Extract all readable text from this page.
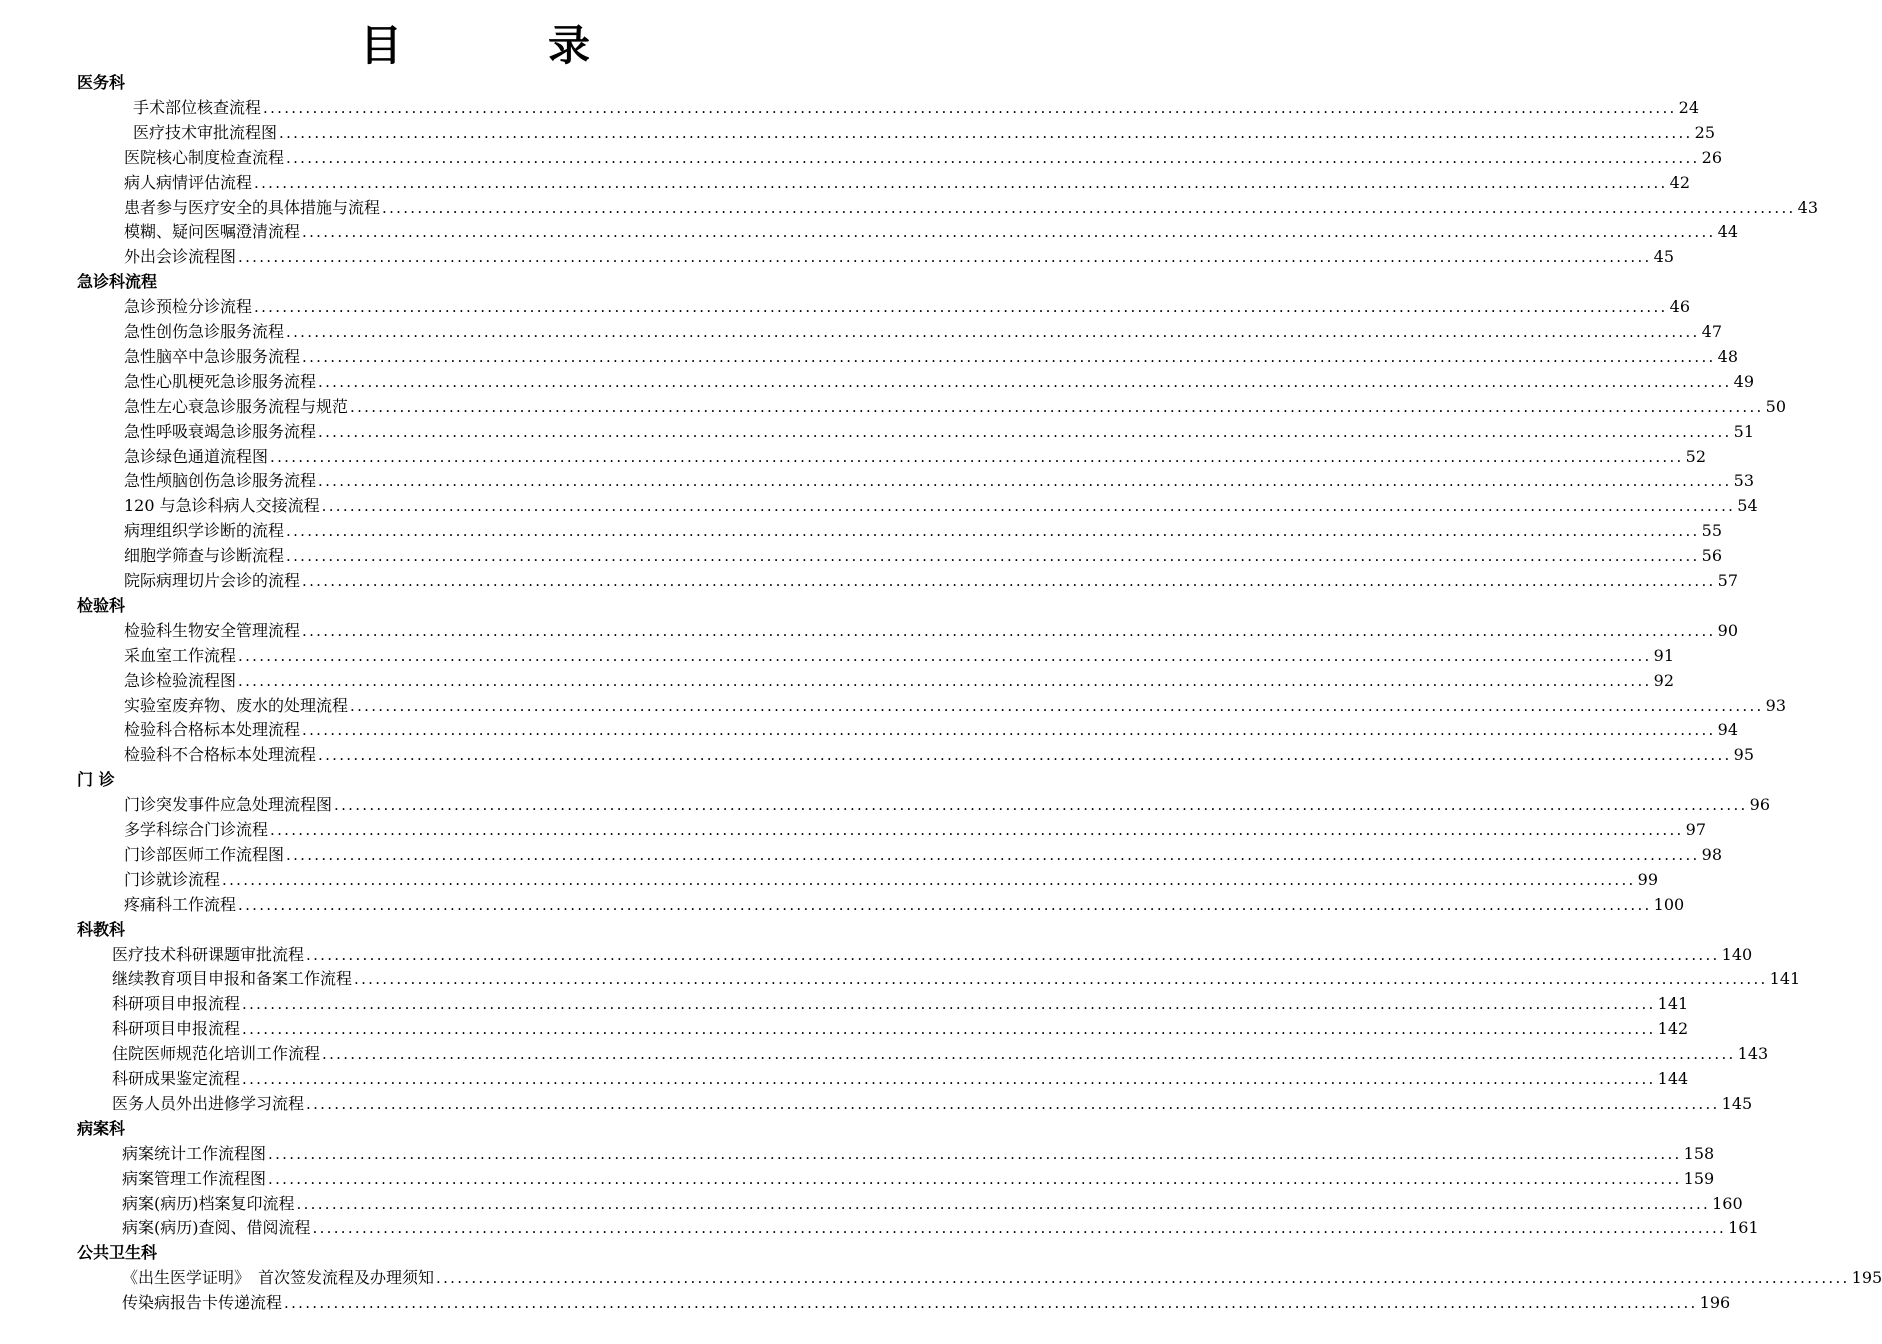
目　录
医务科
手术部位核查流程 ........................................................................................................................................................................................................ 24
医疗技术审批流程图 ........................................................................................................................................................................................................ 25
医院核心制度检查流程 ........................................................................................................................................................................................................ 26
病人病情评估流程 ........................................................................................................................................................................................................ 42
患者参与医疗安全的具体措施与流程 ........................................................................................................................................................................................................ 43
模糊、疑问医嘱澄清流程 ........................................................................................................................................................................................................ 44
外出会诊流程图 ........................................................................................................................................................................................................ 45
急诊科流程
急诊预检分诊流程 ........................................................................................................................................................................................................ 46
急性创伤急诊服务流程 ........................................................................................................................................................................................................ 47
急性脑卒中急诊服务流程 ........................................................................................................................................................................................................ 48
急性心肌梗死急诊服务流程 ........................................................................................................................................................................................................ 49
急性左心衰急诊服务流程与规范 ........................................................................................................................................................................................................ 50
急性呼吸衰竭急诊服务流程 ........................................................................................................................................................................................................ 51
急诊绿色通道流程图 ........................................................................................................................................................................................................ 52
急性颅脑创伤急诊服务流程 ........................................................................................................................................................................................................ 53
120 与急诊科病人交接流程 ........................................................................................................................................................................................................ 54
病理组织学诊断的流程 ........................................................................................................................................................................................................ 55
细胞学筛查与诊断流程 ........................................................................................................................................................................................................ 56
院际病理切片会诊的流程 ........................................................................................................................................................................................................ 57
检验科
检验科生物安全管理流程 ........................................................................................................................................................................................................ 90
采血室工作流程 ........................................................................................................................................................................................................ 91
急诊检验流程图 ........................................................................................................................................................................................................ 92
实验室废弃物、废水的处理流程 ........................................................................................................................................................................................................ 93
检验科合格标本处理流程 ........................................................................................................................................................................................................ 94
检验科不合格标本处理流程 ........................................................................................................................................................................................................ 95
门 诊
门诊突发事件应急处理流程图 ........................................................................................................................................................................................................ 96
多学科综合门诊流程 ........................................................................................................................................................................................................ 97
门诊部医师工作流程图 ........................................................................................................................................................................................................ 98
门诊就诊流程 ........................................................................................................................................................................................................ 99
疼痛科工作流程 ........................................................................................................................................................................................................ 100
科教科
医疗技术科研课题审批流程 ........................................................................................................................................................................................................ 140
继续教育项目申报和备案工作流程 ........................................................................................................................................................................................................ 141
科研项目申报流程 ........................................................................................................................................................................................................ 141
科研项目申报流程 ........................................................................................................................................................................................................ 142
住院医师规范化培训工作流程 ........................................................................................................................................................................................................ 143
科研成果鉴定流程 ........................................................................................................................................................................................................ 144
医务人员外出进修学习流程 ........................................................................................................................................................................................................ 145
病案科
病案统计工作流程图 ........................................................................................................................................................................................................ 158
病案管理工作流程图 ........................................................................................................................................................................................................ 159
病案(病历)档案复印流程 ........................................................................................................................................................................................................ 160
病案(病历)查阅、借阅流程 ........................................................................................................................................................................................................ 161
公共卫生科
《出生医学证明》　首次签发流程及办理须知 ........................................................................................................................................................................................................ 195
传染病报告卡传递流程 ........................................................................................................................................................................................................ 196
